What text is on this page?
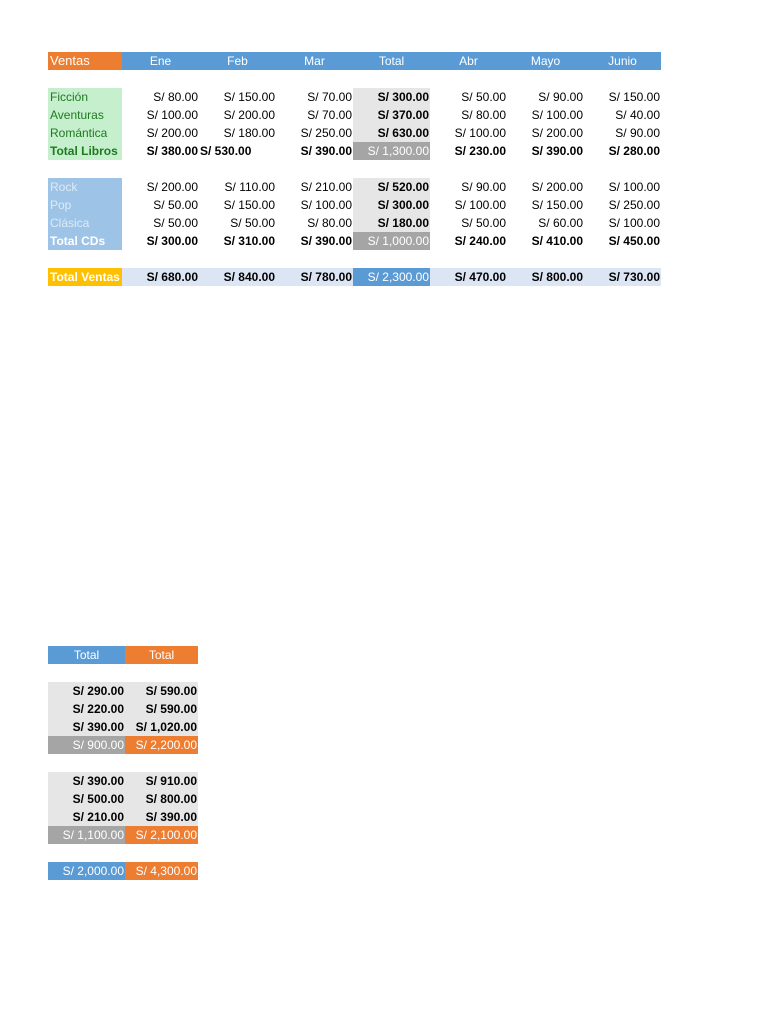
Ventas	Ene	Feb	Mar	Total	Abr	Mayo	Junio

Ficción	S/ 80.00	S/ 150.00	S/ 70.00	S/ 300.00	S/ 50.00	S/ 90.00	S/ 150.00
Aventuras	S/ 100.00	S/ 200.00	S/ 70.00	S/ 370.00	S/ 80.00	S/ 100.00	S/ 40.00
Romántica	S/ 200.00	S/ 180.00	S/ 250.00	S/ 630.00	S/ 100.00	S/ 200.00	S/ 90.00
Total Libros	S/ 380.00	S/ 530.00	S/ 390.00	S/ 1,300.00	S/ 230.00	S/ 390.00	S/ 280.00

Rock	S/ 200.00	S/ 110.00	S/ 210.00	S/ 520.00	S/ 90.00	S/ 200.00	S/ 100.00
Pop	S/ 50.00	S/ 150.00	S/ 100.00	S/ 300.00	S/ 100.00	S/ 150.00	S/ 250.00
Clásica	S/ 50.00	S/ 50.00	S/ 80.00	S/ 180.00	S/ 50.00	S/ 60.00	S/ 100.00
Total CDs	S/ 300.00	S/ 310.00	S/ 390.00	S/ 1,000.00	S/ 240.00	S/ 410.00	S/ 450.00

Total Ventas	S/ 680.00	S/ 840.00	S/ 780.00	S/ 2,300.00	S/ 470.00	S/ 800.00	S/ 730.00
Total	Total

S/ 290.00	S/ 590.00
S/ 220.00	S/ 590.00
S/ 390.00	S/ 1,020.00
S/ 900.00	S/ 2,200.00

S/ 390.00	S/ 910.00
S/ 500.00	S/ 800.00
S/ 210.00	S/ 390.00
S/ 1,100.00	S/ 2,100.00

S/ 2,000.00	S/ 4,300.00
